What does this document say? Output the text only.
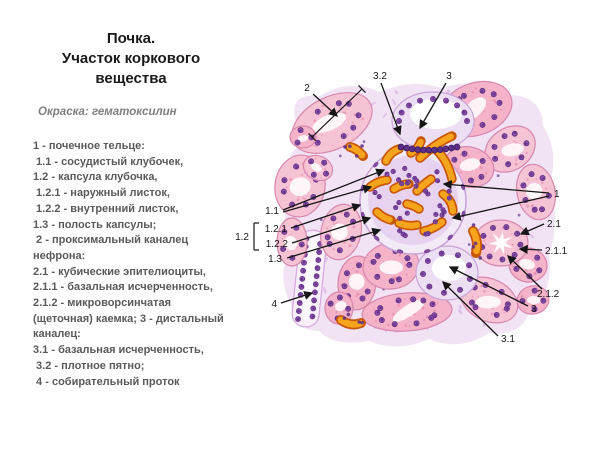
Почка.
Участок коркового
вещества
Окраска: гематоксилин
1 - почечное тельце:
1.1 - сосудистый клубочек,
1.2 - капсула клубочка,
1.2.1 - наружный листок,
1.2.2 - внутренний листок,
1.3 - полость капсулы;
2 - проксимальный каналец
нефрона:
2.1 - кубические эпителиоциты,
2.1.1 - базальная исчерченность,
2.1.2 - микроворсинчатая
(щеточная) каемка; 3 - дистальный
каналец:
3.1 - базальная исчерченность,
3.2 - плотное пятно;
4 - собирательный проток
2
3.2	3
1.1
1.2
1.2.1
1.2.2
1.3
1
2.1
2.1.1
2.1.2
3
3.1
4
